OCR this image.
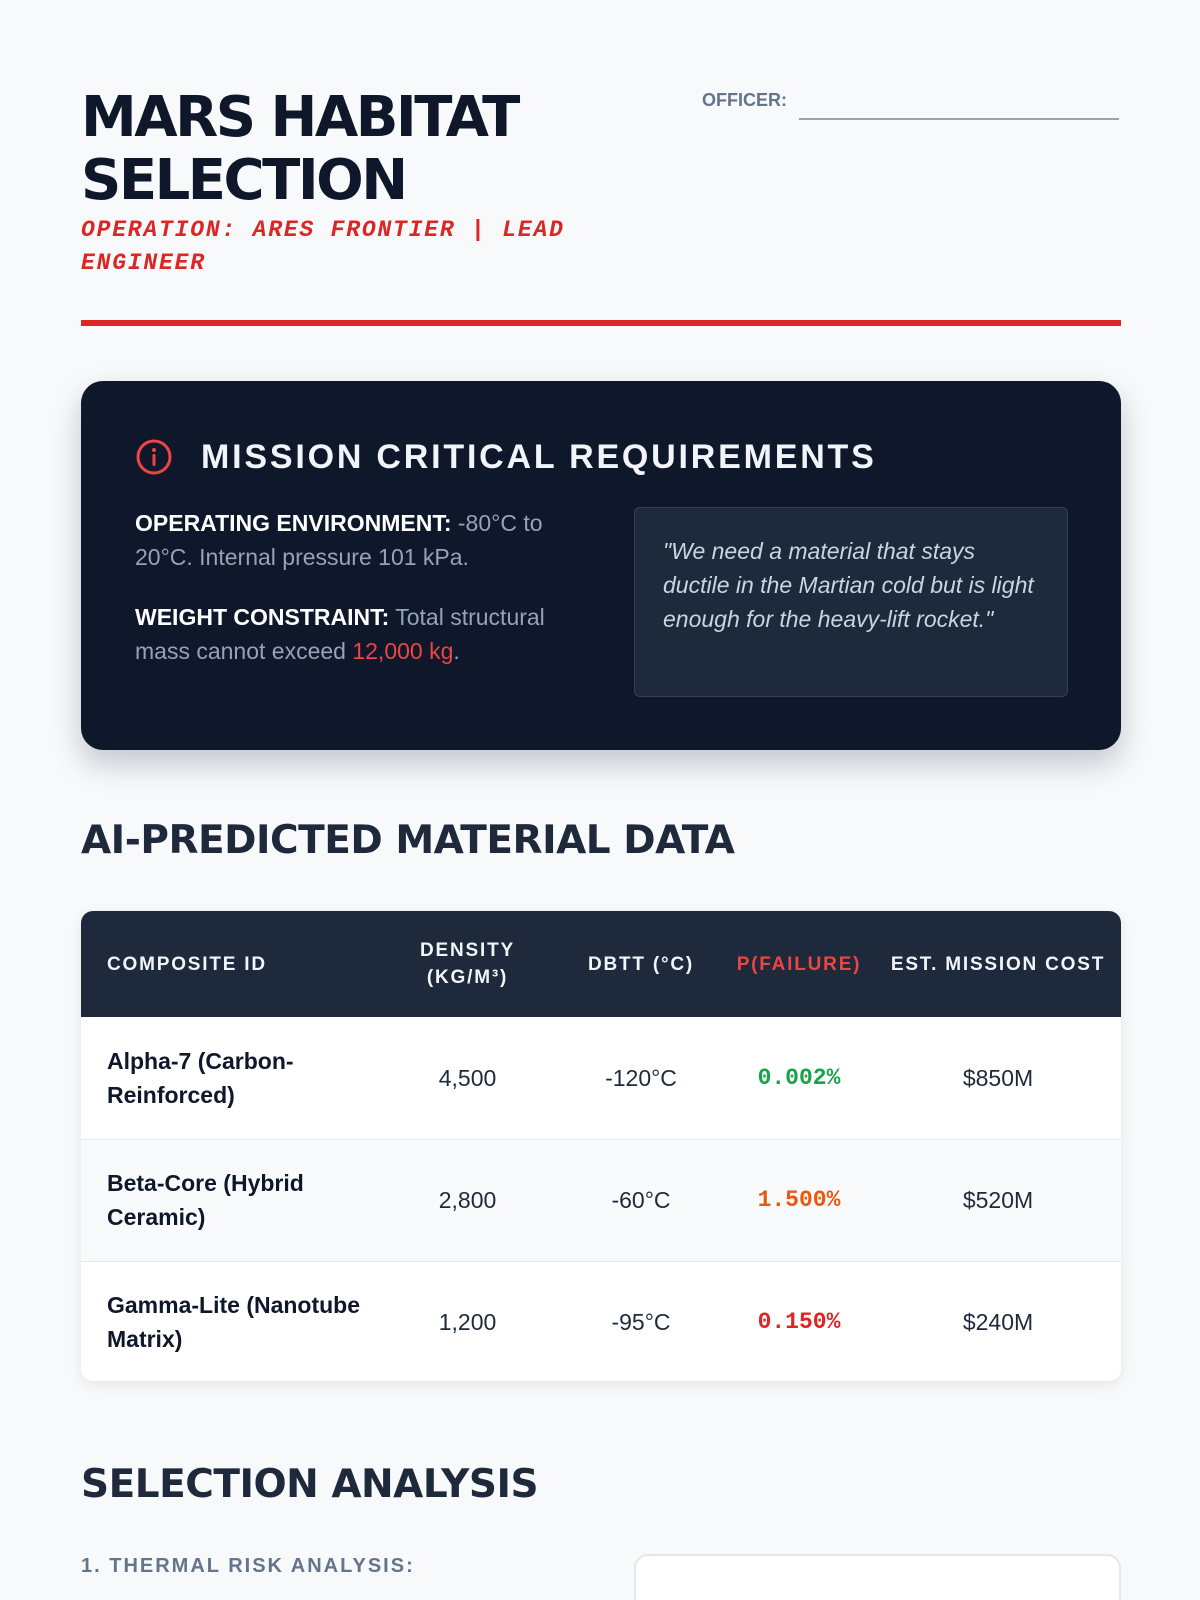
MARS HABITAT SELECTION
OPERATION: ARES FRONTIER | LEAD ENGINEER
OFFICER:
MISSION CRITICAL REQUIREMENTS

OPERATING ENVIRONMENT: -80°C to 20°C. Internal pressure 101 kPa.

WEIGHT CONSTRAINT: Total structural mass cannot exceed 12,000 kg.

"We need a material that stays ductile in the Martian cold but is light enough for the heavy-lift rocket."
AI-PREDICTED MATERIAL DATA
COMPOSITE ID	DENSITY (KG/M³)	DBTT (°C)	P(FAILURE)	EST. MISSION COST
Alpha-7 (Carbon-Reinforced)	4,500	-120°C	0.002%	$850M
Beta-Core (Hybrid Ceramic)	2,800	-60°C	1.500%	$520M
Gamma-Lite (Nanotube Matrix)	1,200	-95°C	0.150%	$240M
SELECTION ANALYSIS
1. THERMAL RISK ANALYSIS:
